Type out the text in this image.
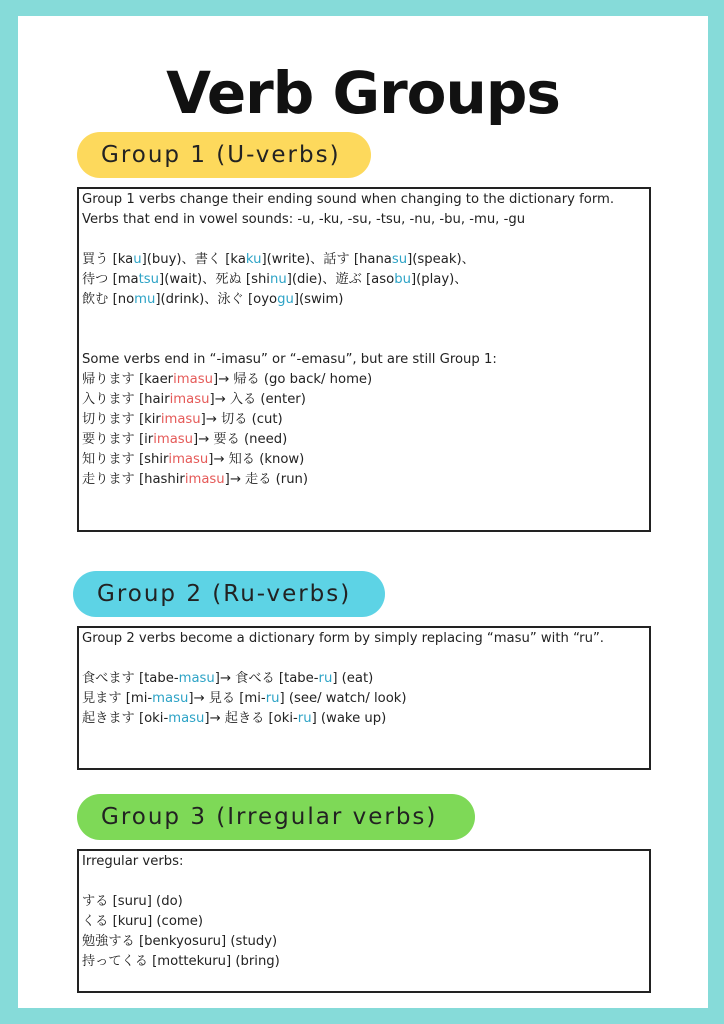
Verb Groups
Group 1 (U-verbs)
Group 1 verbs change their ending sound when changing to the dictionary form.
Verbs that end in vowel sounds: -u, -ku, -su, -tsu, -nu, -bu, -mu, -gu
買う [kau](buy)、書く [kaku](write)、話す [hanasu](speak)、
待つ [matsu](wait)、死ぬ [shinu](die)、遊ぶ [asobu](play)、
飲む [nomu](drink)、泳ぐ [oyogu](swim)
Some verbs end in “-imasu” or “-emasu”, but are still Group 1:
帰ります [kaerimasu]→ 帰る (go back/ home)
入ります [hairimasu]→ 入る (enter)
切ります [kirimasu]→ 切る (cut)
要ります [irimasu]→ 要る (need)
知ります [shirimasu]→ 知る (know)
走ります [hashirimasu]→ 走る (run)
Group 2 (Ru-verbs)
Group 2 verbs become a dictionary form by simply replacing “masu” with “ru”.
食べます [tabe-masu]→ 食べる [tabe-ru] (eat)
見ます [mi-masu]→ 見る [mi-ru] (see/ watch/ look)
起きます [oki-masu]→ 起きる [oki-ru] (wake up)
Group 3 (Irregular verbs)
Irregular verbs:
する [suru] (do)
くる [kuru] (come)
勉強する [benkyosuru] (study)
持ってくる [mottekuru] (bring)
